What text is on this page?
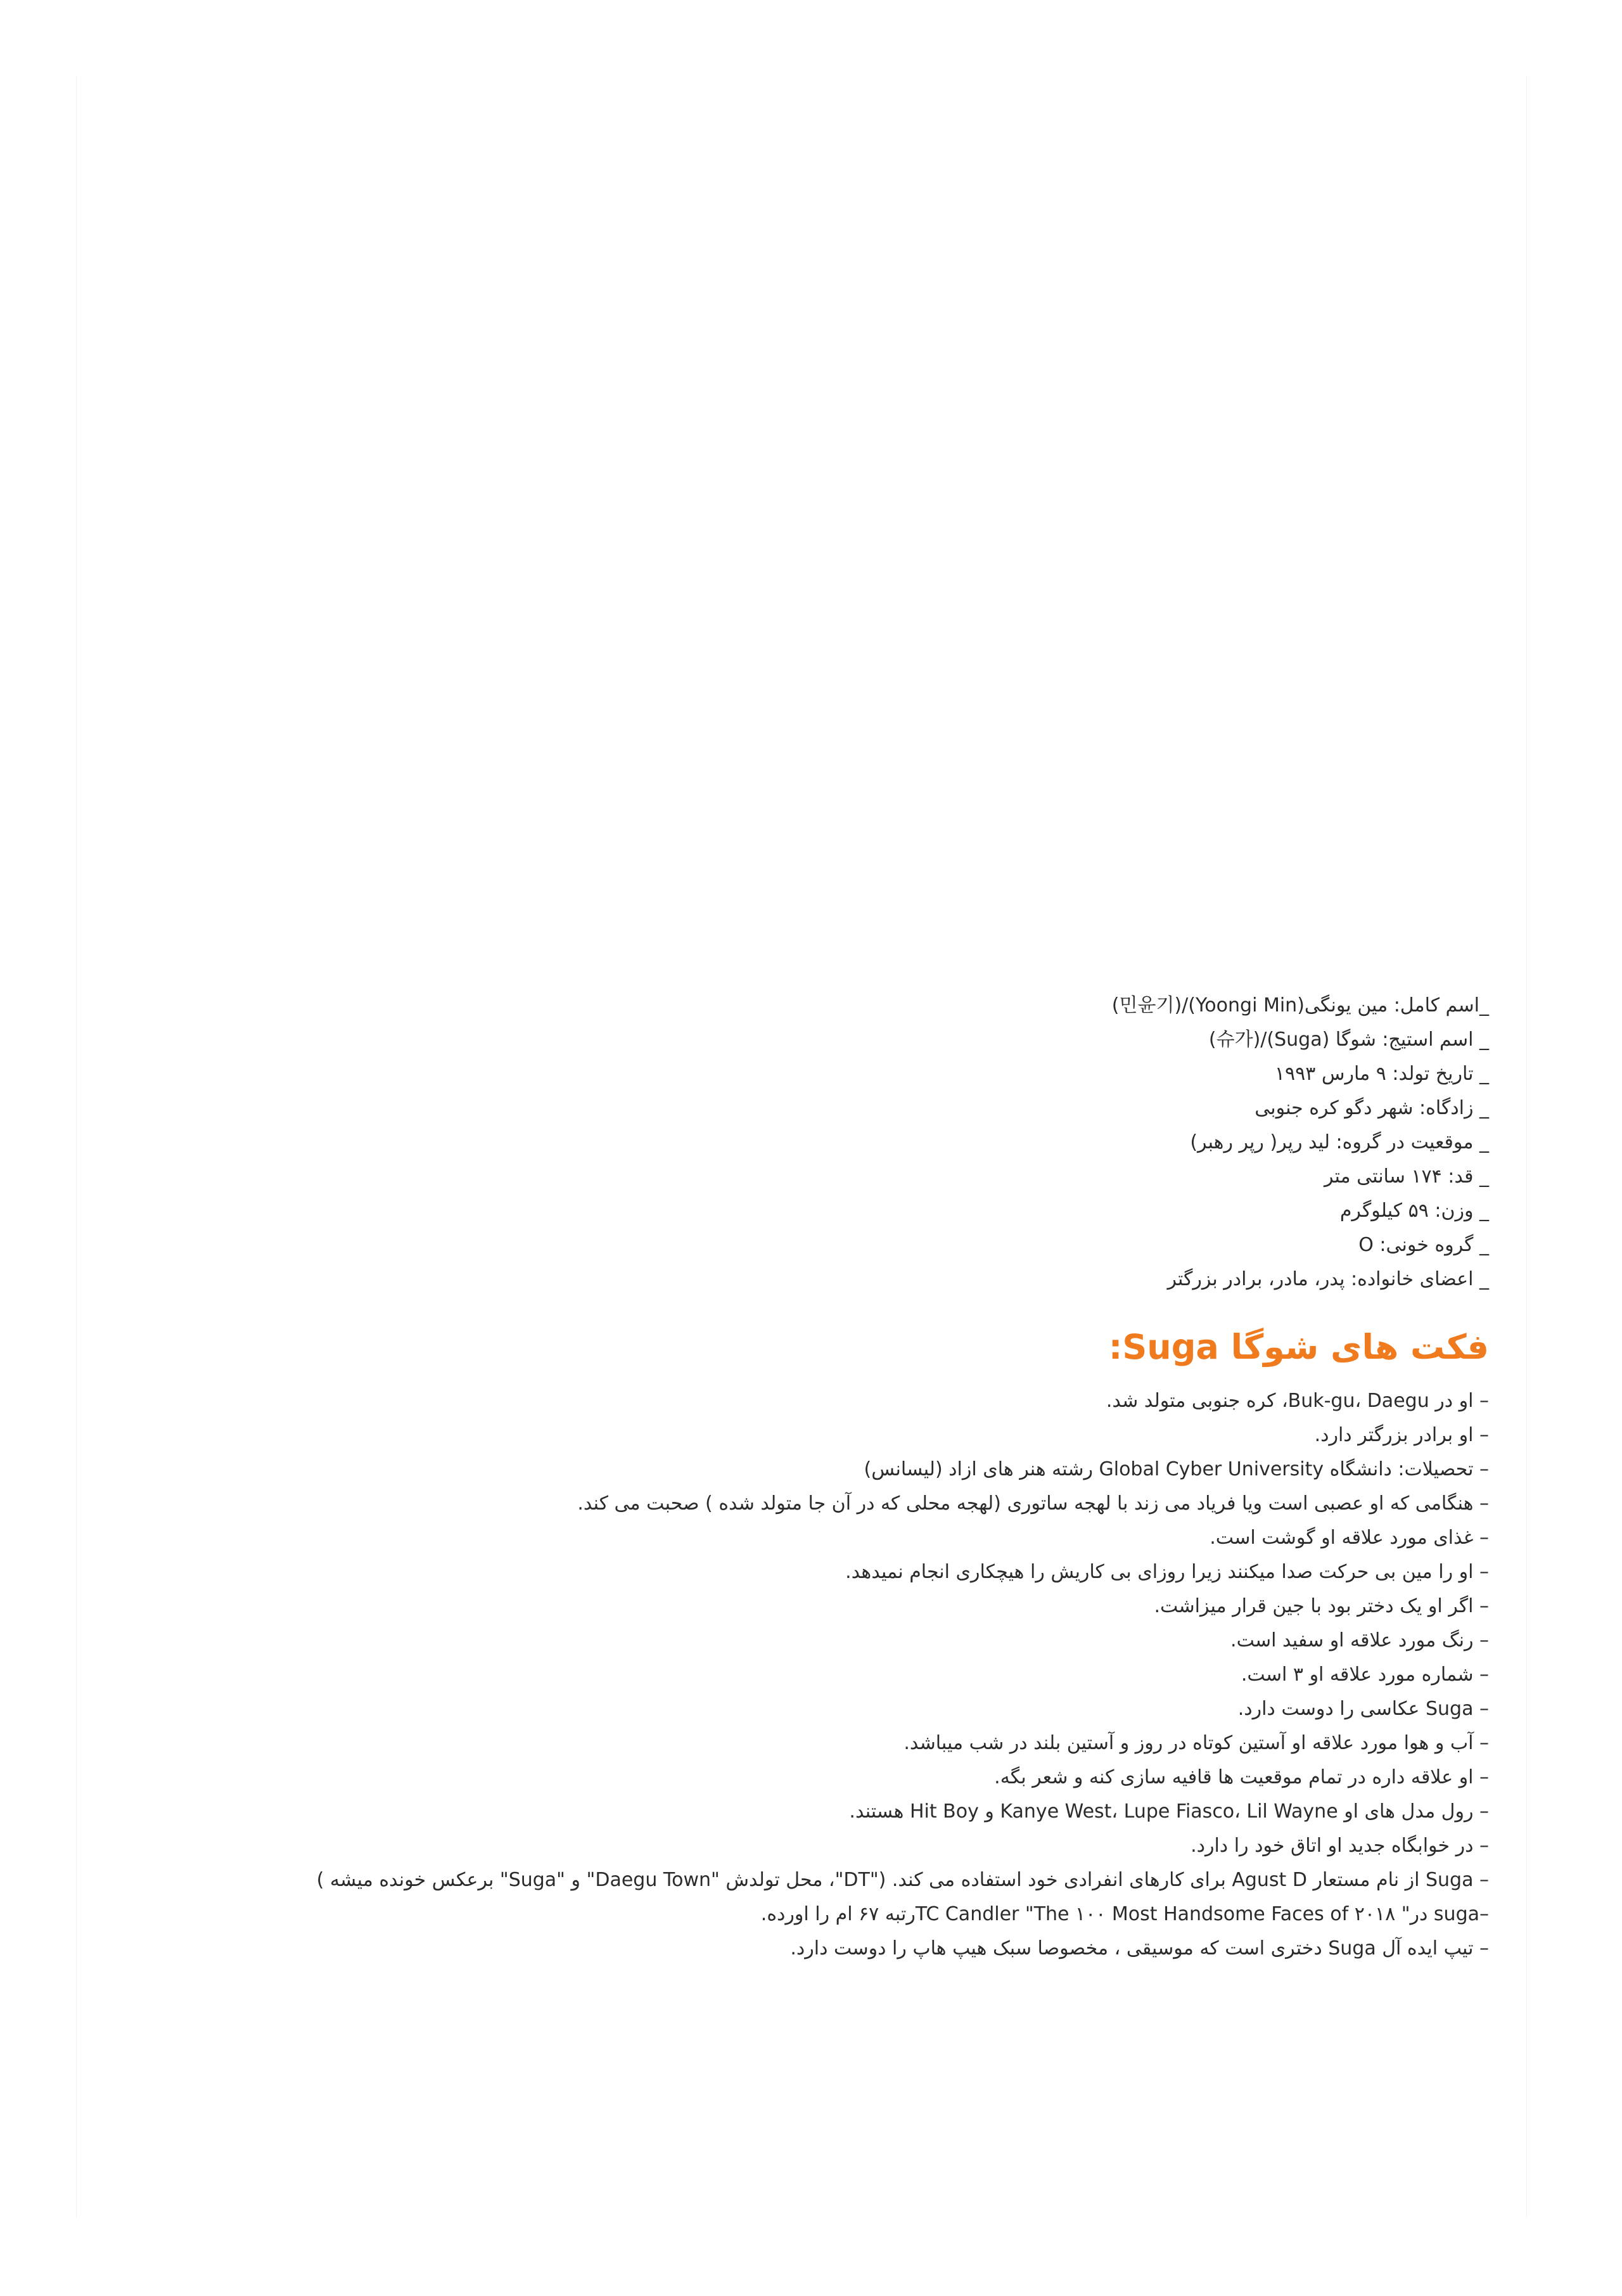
_اسم کامل: مین یونگی(Yoongi Min)/(민윤기)
_ اسم استیج: شوگا (Suga)/(슈가)
_ تاریخ تولد: ۹ مارس ۱۹۹۳
_ زادگاه: شهر دگو کره جنوبی
_ موقعیت در گروه: لید رپر( رپر رهبر)
_ قد: ۱۷۴ سانتی متر
_ وزن: ۵۹ کیلوگرم
_ گروه خونی: O
_ اعضای خانواده: پدر، مادر، برادر بزرگتر
فکت های شوگا Suga:
– او در Buk-gu، Daegu، کره جنوبی متولد شد.
– او برادر بزرگتر دارد.
– تحصیلات: دانشگاه Global Cyber University رشته هنر های ازاد (لیسانس)
– هنگامی که او عصبی است ویا فریاد می زند با لهجه ساتوری (لهجه محلی که در آن جا متولد شده ) صحبت می کند.
– غذای مورد علاقه او گوشت است.
– او را مین بی حرکت صدا میکنند زیرا روزای بی کاریش را هیچکاری انجام نمیدهد.
– اگر او یک دختر بود با جین قرار میزاشت.
– رنگ مورد علاقه او سفید است.
– شماره مورد علاقه او ۳ است.
– Suga عکاسی را دوست دارد.
– آب و هوا مورد علاقه او آستین کوتاه در روز و آستین بلند در شب میباشد.
– او علاقه داره در تمام موقعیت ها قافیه سازی کنه و شعر بگه.
– رول مدل های او Kanye West، Lupe Fiasco، Lil Wayne و Hit Boy هستند.
– در خوابگاه جدید او اتاق خود را دارد.
– Suga از نام مستعار Agust D برای کارهای انفرادی خود استفاده می کند. ("DT"، محل تولدش "Daegu Town" و "Suga" برعکس خونده میشه )
–suga در" TC Candler "The ۱۰۰ Most Handsome Faces of ۲۰۱۸رتبه ۶۷ ام را اورده.
– تیپ ایده آل Suga دختری است که موسیقی ، مخصوصا سبک هیپ هاپ را دوست دارد.
